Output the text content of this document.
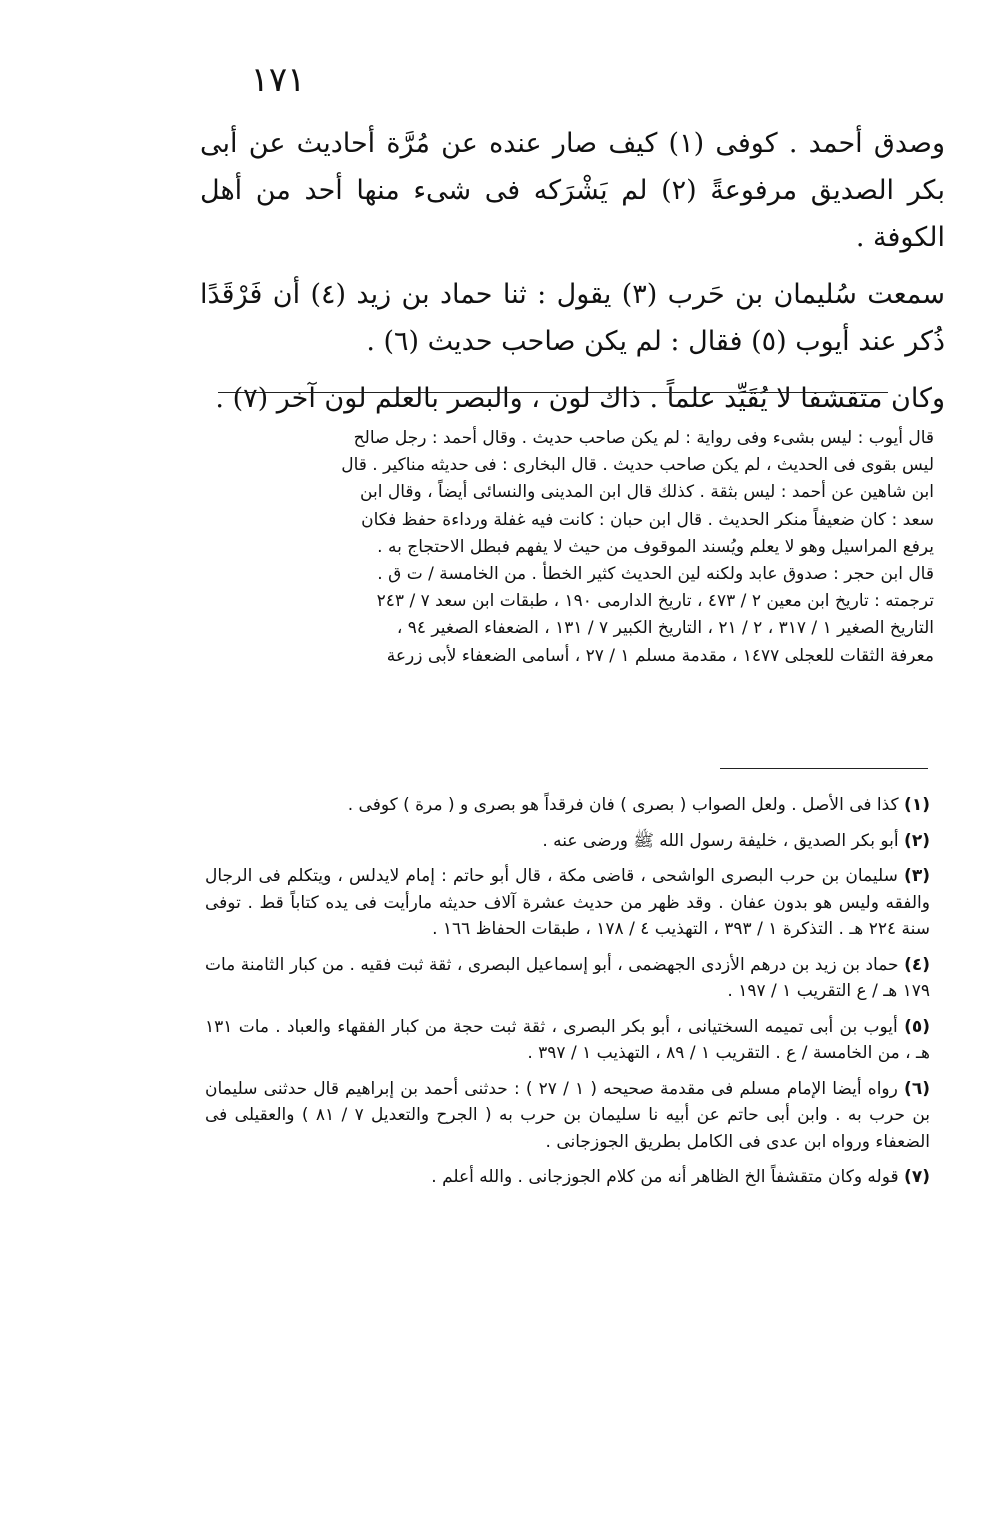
١٧١

وصدق أحمد . كوفى (١) كيف صار عنده عن مُرَّة أحاديث عن أبى بكر الصديق مرفوعةً (٢) لم يَشْرَكه فى شىء منها أحد من أهل الكوفة .

سمعت سُليمان بن حَرب (٣) يقول : ثنا حماد بن زيد (٤) أن فَرْقَدًا ذُكر عند أيوب (٥) فقال : لم يكن صاحب حديث (٦) .

وكان متقشفا لا يُقَيِّد علماً . ذاك لون ، والبصر بالعلم لون آخر (٧) .

قال أيوب : ليس بشىء وفى رواية : لم يكن صاحب حديث . وقال أحمد : رجل صالح

ليس بقوى فى الحديث ، لم يكن صاحب حديث . قال البخارى : فى حديثه مناكير . قال

ابن شاهين عن أحمد : ليس بثقة . كذلك قال ابن المدينى والنسائى أيضاً ، وقال ابن

سعد : كان ضعيفاً منكر الحديث . قال ابن حبان : كانت فيه غفلة ورداءة حفظ فكان

يرفع المراسيل وهو لا يعلم ويُسند الموقوف من حيث لا يفهم فبطل الاحتجاج به .

قال ابن حجر : صدوق عابد ولكنه لين الحديث كثير الخطأ . من الخامسة / ت ق .

ترجمته : تاريخ ابن معين ٢ / ٤٧٣ ، تاريخ الدارمى ١٩٠ ، طبقات ابن سعد ٧ / ٢٤٣

التاريخ الصغير ١ / ٣١٧ ، ٢ / ٢١ ، التاريخ الكبير ٧ / ١٣١ ، الضعفاء الصغير ٩٤ ،

معرفة الثقات للعجلى ١٤٧٧ ، مقدمة مسلم ١ / ٢٧ ، أسامى الضعفاء لأبى زرعة

(١) كذا فى الأصل . ولعل الصواب ( بصرى ) فان فرقداً هو بصرى و ( مرة ) كوفى .

(٢) أبو بكر الصديق ، خليفة رسول الله ﷺ ورضى عنه .

(٣) سليمان بن حرب البصرى الواشحى ، قاضى مكة ، قال أبو حاتم : إمام لايدلس ، ويتكلم فى الرجال والفقه وليس هو بدون عفان . وقد ظهر من حديث عشرة آلاف حديثه مارأيت فى يده كتاباً قط . توفى سنة ٢٢٤ هـ . التذكرة ١ / ٣٩٣ ، التهذيب ٤ / ١٧٨ ، طبقات الحفاظ ١٦٦ .

(٤) حماد بن زيد بن درهم الأزدى الجهضمى ، أبو إسماعيل البصرى ، ثقة ثبت فقيه . من كبار الثامنة مات ١٧٩ هـ / ع التقريب ١ / ١٩٧ .

(٥) أيوب بن أبى تميمه السختيانى ، أبو بكر البصرى ، ثقة ثبت حجة من كبار الفقهاء والعباد . مات ١٣١ هـ ، من الخامسة / ع . التقريب ١ / ٨٩ ، التهذيب ١ / ٣٩٧ .

(٦) رواه أيضا الإمام مسلم فى مقدمة صحيحه ( ١ / ٢٧ ) : حدثنى أحمد بن إبراهيم قال حدثنى سليمان بن حرب به . وابن أبى حاتم عن أبيه نا سليمان بن حرب به ( الجرح والتعديل ٧ / ٨١ ) والعقيلى فى الضعفاء ورواه ابن عدى فى الكامل بطريق الجوزجانى .

(٧) قوله وكان متقشفاً الخ الظاهر أنه من كلام الجوزجانى . والله أعلم .
